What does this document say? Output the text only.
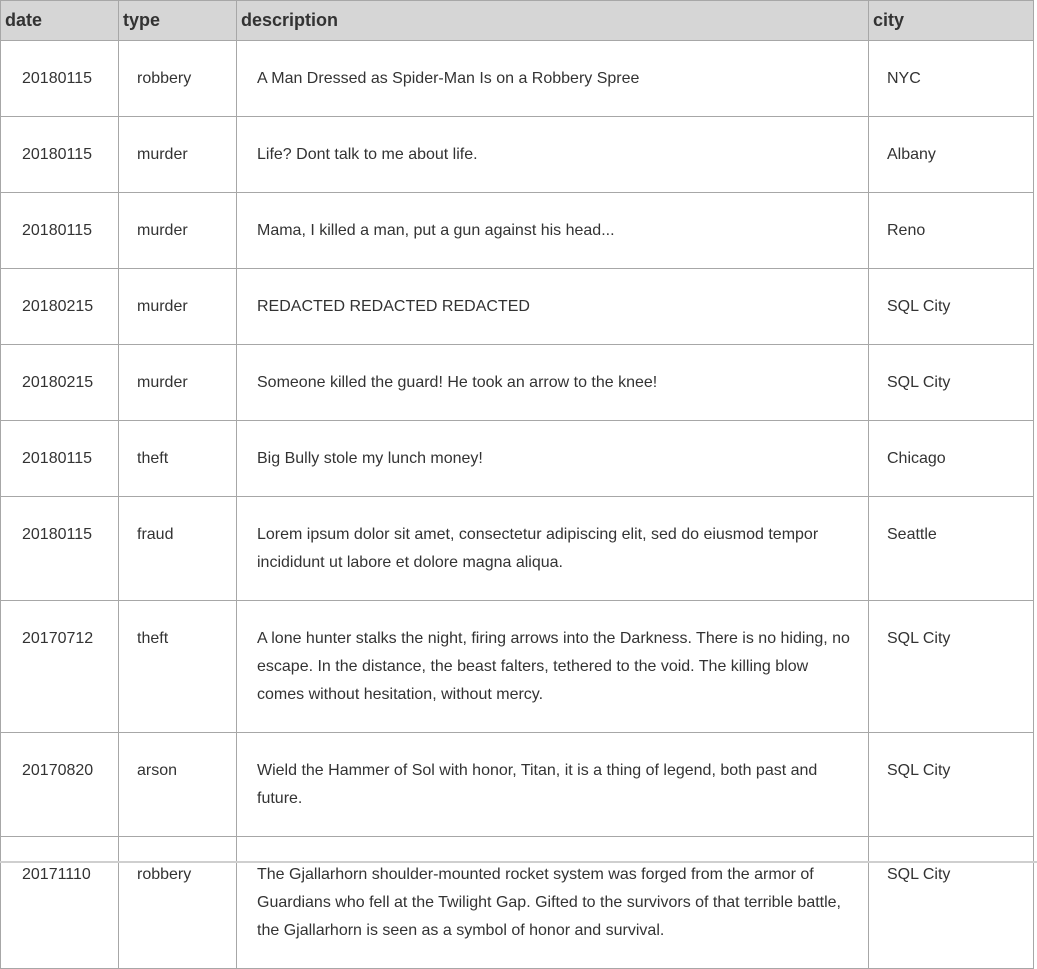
date	type	description	city
20180115	robbery	A Man Dressed as Spider-Man Is on a Robbery Spree	NYC
20180115	murder	Life? Dont talk to me about life.	Albany
20180115	murder	Mama, I killed a man, put a gun against his head...	Reno
20180215	murder	REDACTED REDACTED REDACTED	SQL City
20180215	murder	Someone killed the guard! He took an arrow to the knee!	SQL City
20180115	theft	Big Bully stole my lunch money!	Chicago
20180115	fraud	Lorem ipsum dolor sit amet, consectetur adipiscing elit, sed do eiusmod tempor incididunt ut labore et dolore magna aliqua.	Seattle
20170712	theft	A lone hunter stalks the night, firing arrows into the Darkness. There is no hiding, no escape. In the distance, the beast falters, tethered to the void. The killing blow comes without hesitation, without mercy.	SQL City
20170820	arson	Wield the Hammer of Sol with honor, Titan, it is a thing of legend, both past and future.	SQL City
20171110	robbery	The Gjallarhorn shoulder-mounted rocket system was forged from the armor of Guardians who fell at the Twilight Gap. Gifted to the survivors of that terrible battle, the Gjallarhorn is seen as a symbol of honor and survival.	SQL City
